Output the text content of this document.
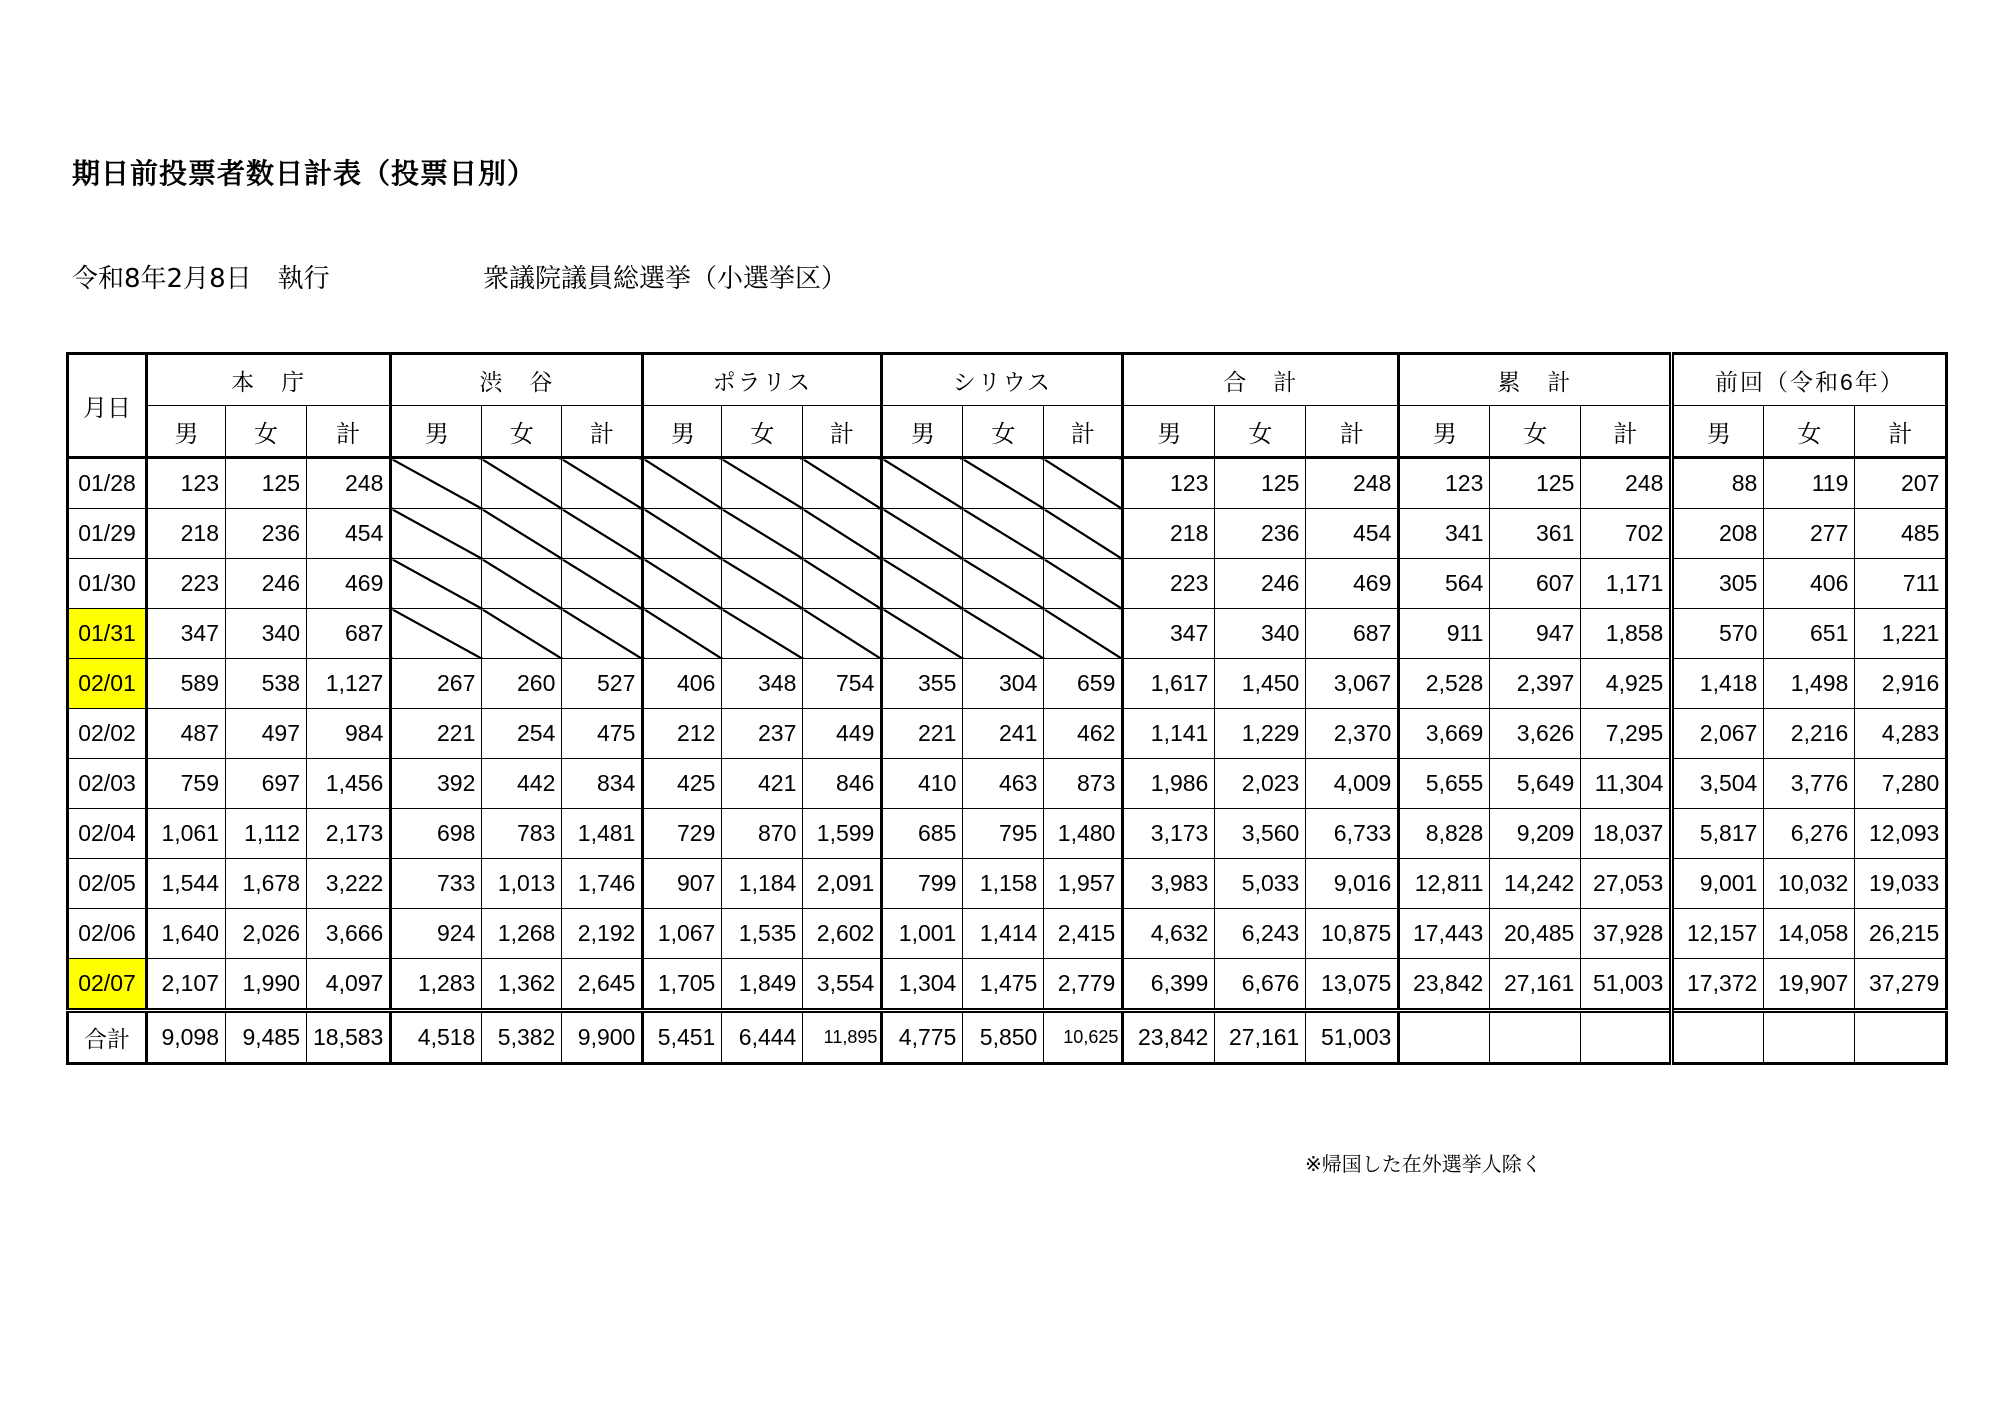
期日前投票者数日計表（投票日別）
令和8年2月8日　執行	衆議院議員総選挙（小選挙区）
月日	本　庁			渋　谷			ポラリス			シリウス			合　計			累　計			前回（令和6年）		
	男	女	計	男	女	計	男	女	計	男	女	計	男	女	計	男	女	計	男	女	計
01/28	123	125	248										123	125	248	123	125	248	88	119	207
01/29	218	236	454										218	236	454	341	361	702	208	277	485
01/30	223	246	469										223	246	469	564	607	1,171	305	406	711
01/31	347	340	687										347	340	687	911	947	1,858	570	651	1,221
02/01	589	538	1,127	267	260	527	406	348	754	355	304	659	1,617	1,450	3,067	2,528	2,397	4,925	1,418	1,498	2,916
02/02	487	497	984	221	254	475	212	237	449	221	241	462	1,141	1,229	2,370	3,669	3,626	7,295	2,067	2,216	4,283
02/03	759	697	1,456	392	442	834	425	421	846	410	463	873	1,986	2,023	4,009	5,655	5,649	11,304	3,504	3,776	7,280
02/04	1,061	1,112	2,173	698	783	1,481	729	870	1,599	685	795	1,480	3,173	3,560	6,733	8,828	9,209	18,037	5,817	6,276	12,093
02/05	1,544	1,678	3,222	733	1,013	1,746	907	1,184	2,091	799	1,158	1,957	3,983	5,033	9,016	12,811	14,242	27,053	9,001	10,032	19,033
02/06	1,640	2,026	3,666	924	1,268	2,192	1,067	1,535	2,602	1,001	1,414	2,415	4,632	6,243	10,875	17,443	20,485	37,928	12,157	14,058	26,215
02/07	2,107	1,990	4,097	1,283	1,362	2,645	1,705	1,849	3,554	1,304	1,475	2,779	6,399	6,676	13,075	23,842	27,161	51,003	17,372	19,907	37,279
合計	9,098	9,485	18,583	4,518	5,382	9,900	5,451	6,444	11,895	4,775	5,850	10,625	23,842	27,161	51,003						
※帰国した在外選挙人除く
